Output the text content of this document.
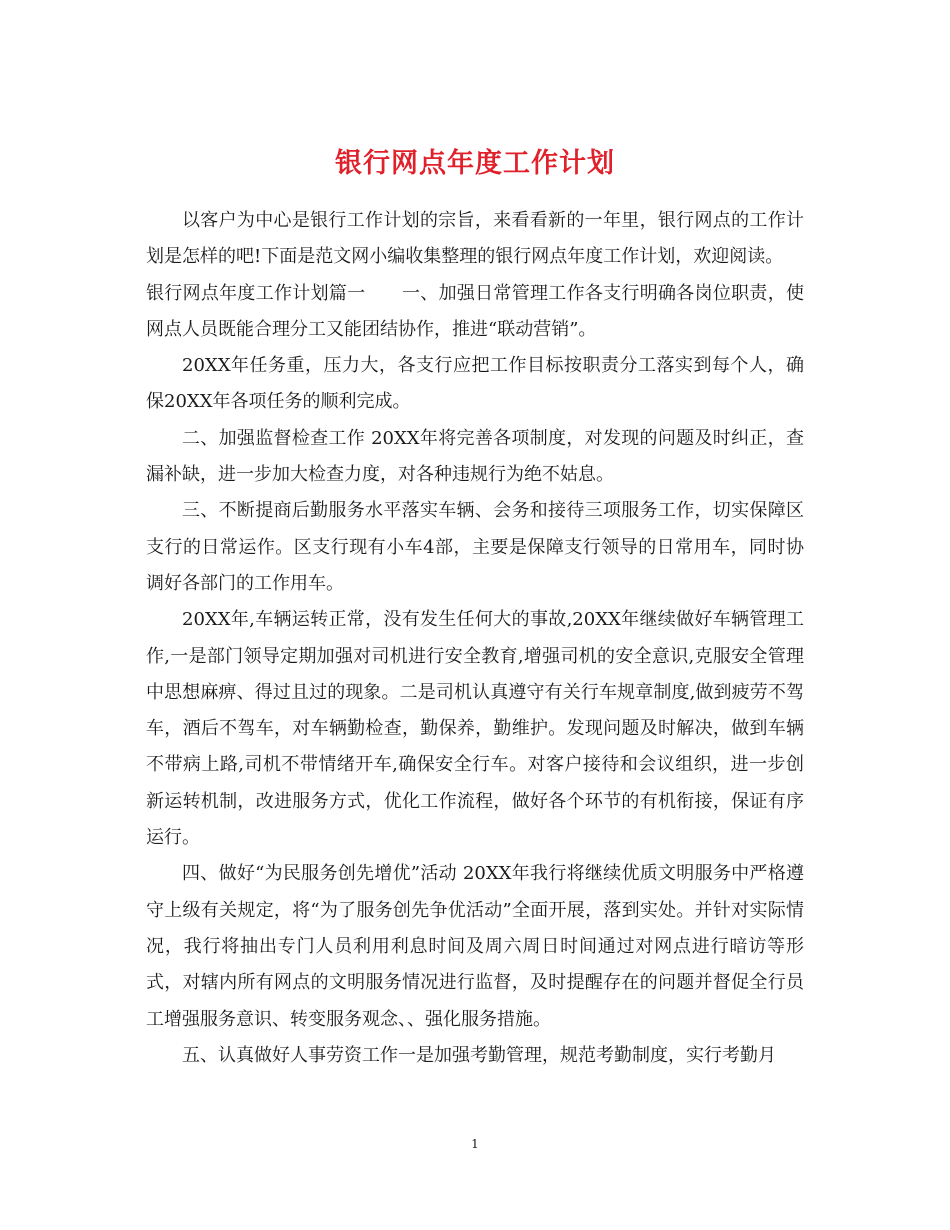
银行网点年度工作计划

以客户为中心是银行工作计划的宗旨，来看看新的一年里，银行网点的工作计划是怎样的吧!下面是范文网小编收集整理的银行网点年度工作计划，欢迎阅读。

银行网点年度工作计划篇一　　一、加强日常管理工作各支行明确各岗位职责，使网点人员既能合理分工又能团结协作，推进“联动营销”。

20XX年任务重，压力大，各支行应把工作目标按职责分工落实到每个人，确保20XX年各项任务的顺利完成。

二、加强监督检查工作 20XX年将完善各项制度，对发现的问题及时纠正，查漏补缺，进一步加大检查力度，对各种违规行为绝不姑息。

三、不断提商后勤服务水平落实车辆、会务和接待三项服务工作，切实保障区支行的日常运作。区支行现有小车4部，主要是保障支行领导的日常用车，同时协调好各部门的工作用车。

20XX年,车辆运转正常，没有发生任何大的事故,20XX年继续做好车辆管理工作,一是部门领导定期加强对司机进行安全教育,增强司机的安全意识,克服安全管理中思想麻痹、得过且过的现象。二是司机认真遵守有关行车规章制度,做到疲劳不驾车，酒后不驾车，对车辆勤检查，勤保养，勤维护。发现问题及时解决，做到车辆不带病上路,司机不带情绪开车,确保安全行车。对客户接待和会议组织，进一步创新运转机制，改进服务方式，优化工作流程，做好各个环节的有机衔接，保证有序运行。

四、做好“为民服务创先增优”活动 20XX年我行将继续优质文明服务中严格遵守上级有关规定，将“为了服务创先争优活动”全面开展，落到实处。并针对实际情况，我行将抽出专门人员利用利息时间及周六周日时间通过对网点进行暗访等形式，对辖内所有网点的文明服务情况进行监督，及时提醒存在的问题并督促全行员工增强服务意识、转变服务观念、、强化服务措施。

五、认真做好人事劳资工作一是加强考勤管理，规范考勤制度，实行考勤月

1
